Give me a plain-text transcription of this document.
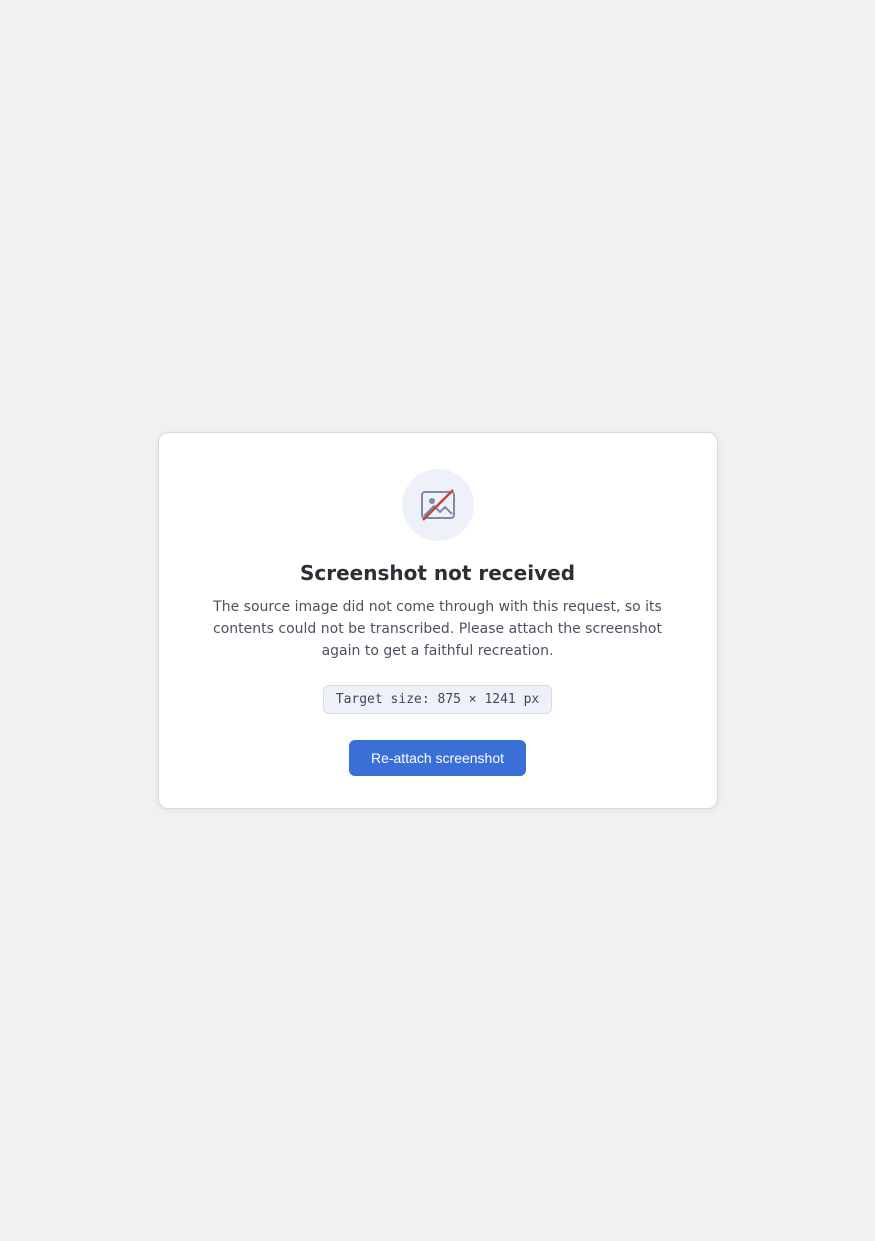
Screenshot not received
The source image did not come through with this request, so its contents could not be transcribed. Please attach the screenshot again to get a faithful recreation.
Target size: 875 × 1241 px
Re-attach screenshot
